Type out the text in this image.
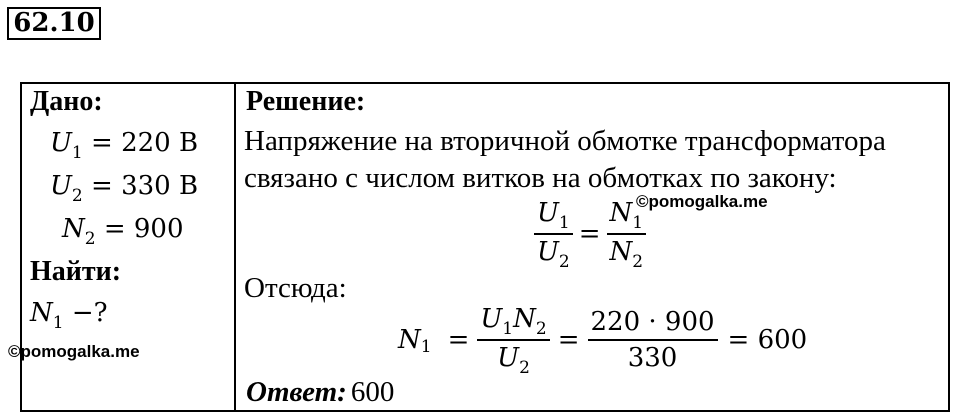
62.10
Дано:
$U_1 = 220$ В
$U_2 = 330$ В
$N_2 = 900$
Найти:
$N_1$ −?
©pomogalka.me
Решение:
Напряжение на вторичной обмотке трансформатора
связано с числом витков на обмотках по закону:
$\frac{U_1}{U_2} = \frac{N_1}{N_2}$
©pomogalka.me
Отсюда:
N $1 = \frac{U_1N_2}{U_2} = \frac{220 \cdot 900}{330} = 600$
Ответ: 600
